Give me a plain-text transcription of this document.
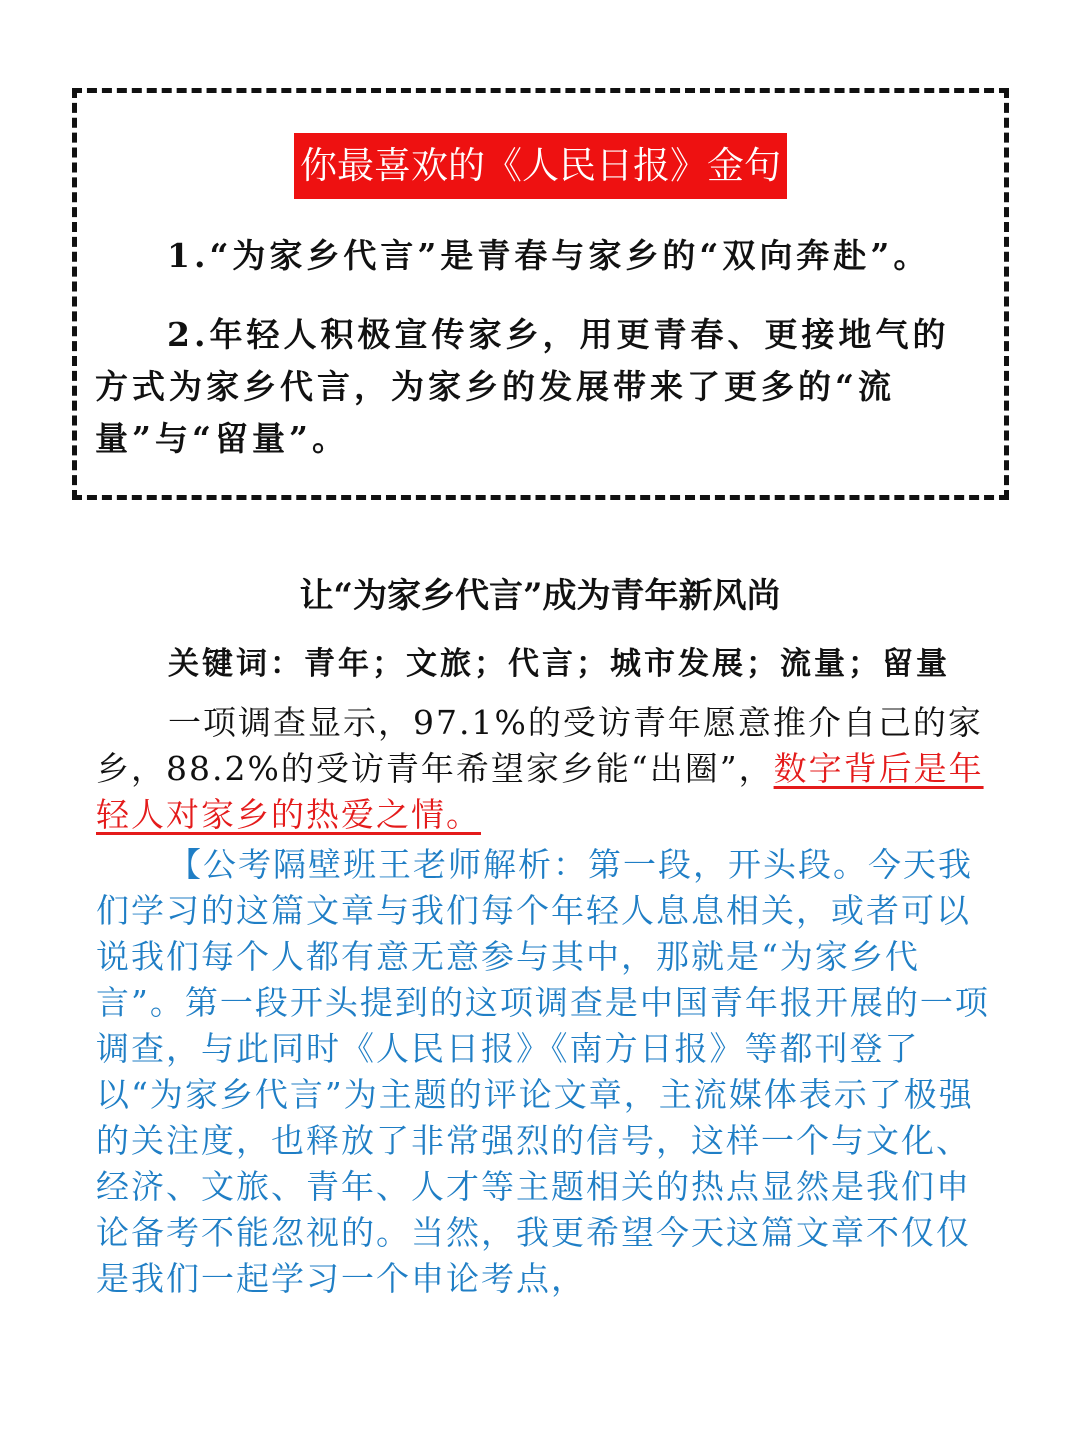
你最喜欢的《人民日报》金句

1.“为家乡代言”是青春与家乡的“双向奔赴”。

2.年轻人积极宣传家乡，用更青春、更接地气的方式为家乡代言，为家乡的发展带来了更多的“流量”与“留量”。

让“为家乡代言”成为青年新风尚

关键词：青年；文旅；代言；城市发展；流量；留量

一项调查显示，97.1%的受访青年愿意推介自己的家乡，88.2%的受访青年希望家乡能“出圈”，数字背后是年轻人对家乡的热爱之情。

【公考隔壁班王老师解析：第一段，开头段。今天我们学习的这篇文章与我们每个年轻人息息相关，或者可以说我们每个人都有意无意参与其中，那就是“为家乡代言”。第一段开头提到的这项调查是中国青年报开展的一项调查，与此同时《人民日报》《南方日报》等都刊登了以“为家乡代言”为主题的评论文章，主流媒体表示了极强的关注度，也释放了非常强烈的信号，这样一个与文化、经济、文旅、青年、人才等主题相关的热点显然是我们申论备考不能忽视的。当然，我更希望今天这篇文章不仅仅是我们一起学习一个申论考点，
